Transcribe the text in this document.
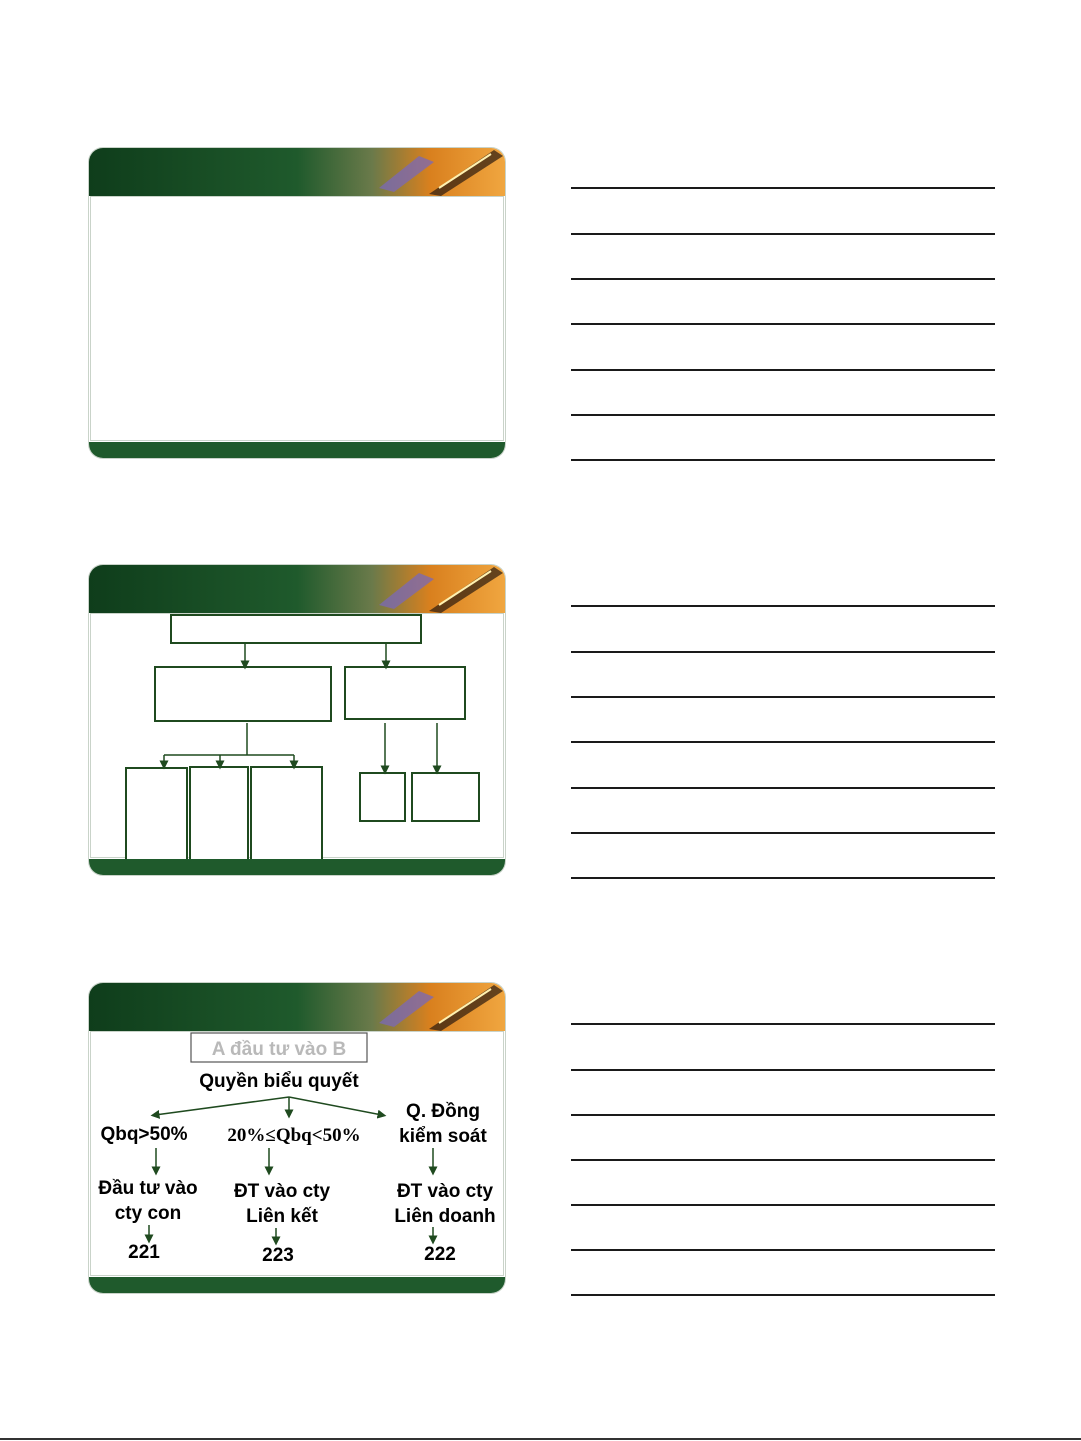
A đầu tư vào B
Quyền biểu quyết
Qbq>50% 20%≤Qbq<50%
Q. Đồng
kiểm soát
Đầu tư vào
cty con
ĐT vào cty
Liên kết
ĐT vào cty
Liên doanh
221	223	222
